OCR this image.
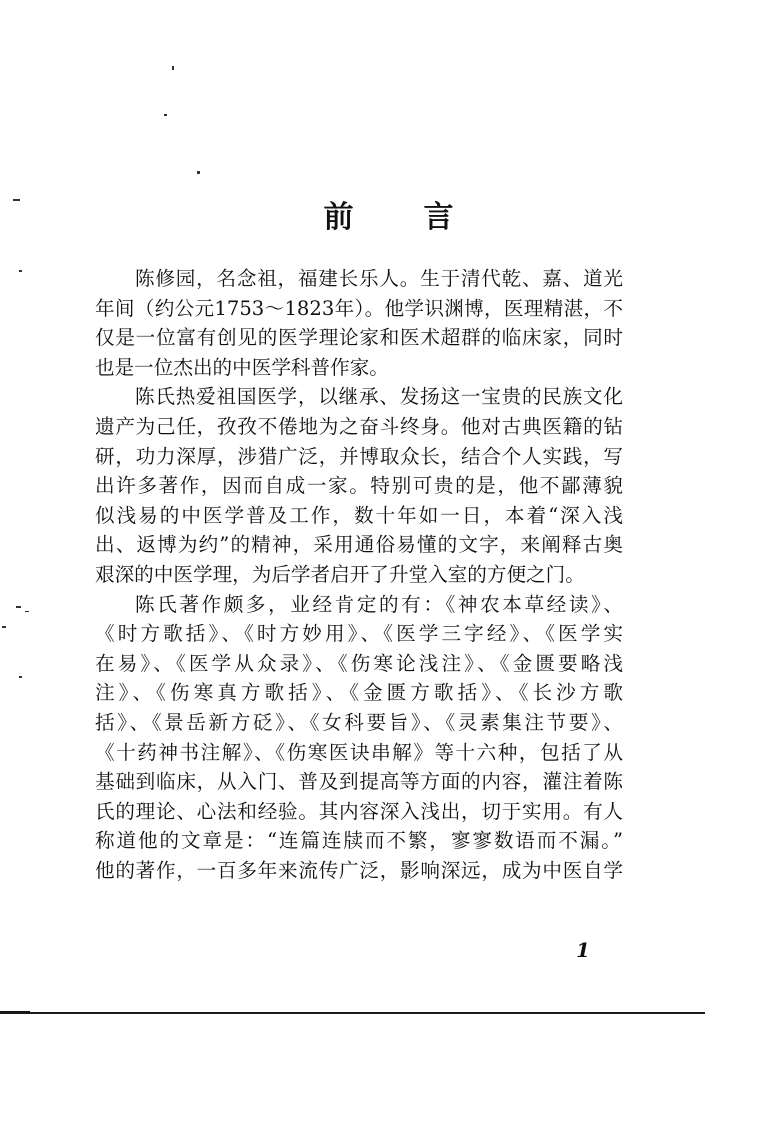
前 言
陈修园，名念祖，福建长乐人。生于清代乾、嘉、道光
年间（约公元1753～1823年）。他学识渊博，医理精湛，不
仅是一位富有创见的医学理论家和医术超群的临床家，同时
也是一位杰出的中医学科普作家。
陈氏热爱祖国医学，以继承、发扬这一宝贵的民族文化
遗产为己任，孜孜不倦地为之奋斗终身。他对古典医籍的钻
研，功力深厚，涉猎广泛，并博取众长，结合个人实践，写
出许多著作，因而自成一家。特别可贵的是，他不鄙薄貌
似浅易的中医学普及工作，数十年如一日，本着“深入浅
出、返博为约”的精神，采用通俗易懂的文字，来阐释古奥
艰深的中医学理，为后学者启开了升堂入室的方便之门。
陈氏著作颇多，业经肯定的有：《神农本草经读》、
《时方歌括》、《时方妙用》、《医学三字经》、《医学实
在易》、《医学从众录》、《伤寒论浅注》、《金匮要略浅
注》、《伤寒真方歌括》、《金匮方歌括》、《长沙方歌
括》、《景岳新方砭》、《女科要旨》、《灵素集注节要》、
《十药神书注解》、《伤寒医诀串解》等十六种，包括了从
基础到临床，从入门、普及到提高等方面的内容，灌注着陈
氏的理论、心法和经验。其内容深入浅出，切于实用。有人
称道他的文章是：“连篇连牍而不繁，寥寥数语而不漏。”
他的著作，一百多年来流传广泛，影响深远，成为中医自学
1
